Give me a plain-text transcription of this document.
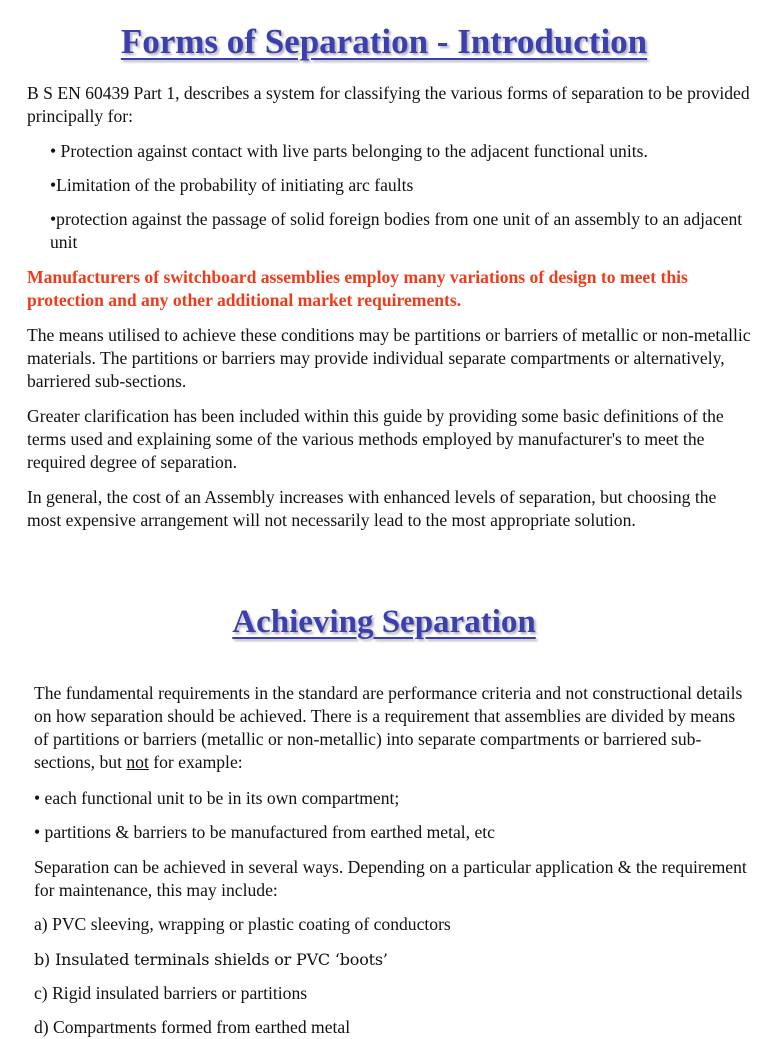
Forms of Separation - Introduction

B S EN 60439 Part 1, describes a system for classifying the various forms of separation to be provided principally for:

• Protection against contact with live parts belonging to the adjacent functional units.

•Limitation of the probability of initiating arc faults

•protection against the passage of solid foreign bodies from one unit of an assembly to an adjacent unit

Manufacturers of switchboard assemblies employ many variations of design to meet this protection and any other additional market requirements.

The means utilised to achieve these conditions may be partitions or barriers of metallic or non-metallic materials. The partitions or barriers may provide individual separate compartments or alternatively, barriered sub-sections.

Greater clarification has been included within this guide by providing some basic definitions of the terms used and explaining some of the various methods employed by manufacturer's to meet the required degree of separation.

In general, the cost of an Assembly increases with enhanced levels of separation, but choosing the most expensive arrangement will not necessarily lead to the most appropriate solution.

Achieving Separation

The fundamental requirements in the standard are performance criteria and not constructional details on how separation should be achieved. There is a requirement that assemblies are divided by means of partitions or barriers (metallic or non-metallic) into separate compartments or barriered sub-sections, but not for example:

• each functional unit to be in its own compartment;

• partitions & barriers to be manufactured from earthed metal, etc

Separation can be achieved in several ways. Depending on a particular application & the requirement for maintenance, this may include:

a) PVC sleeving, wrapping or plastic coating of conductors

b) Insulated terminals shields or PVC ‘boots’

c) Rigid insulated barriers or partitions

d) Compartments formed from earthed metal
